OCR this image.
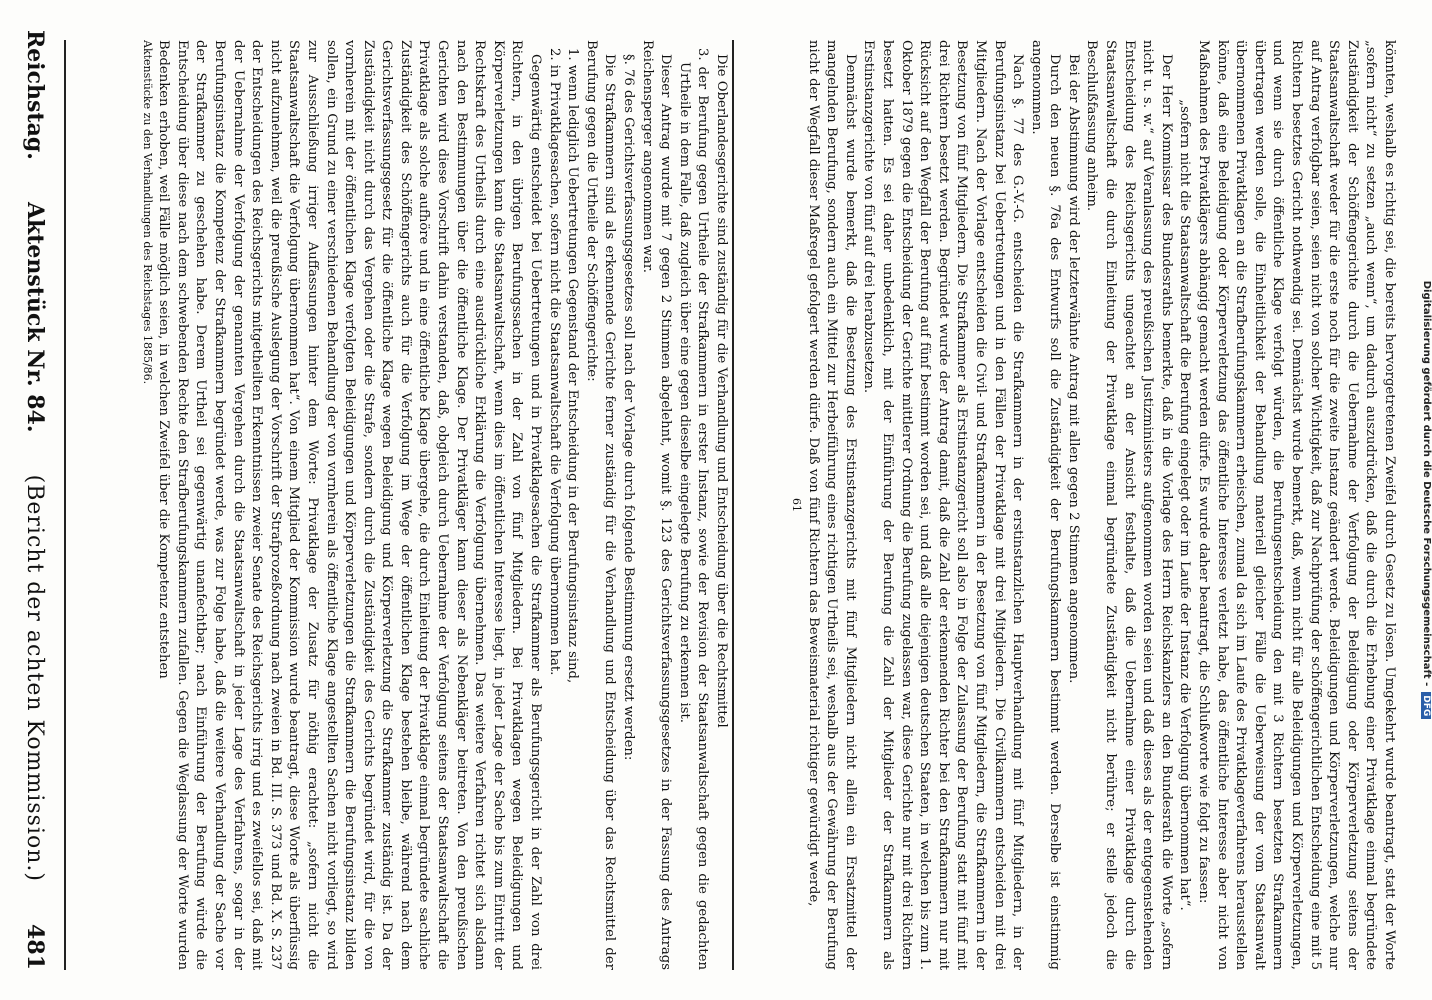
Reichstag.
Aktenstück Nr. 84.
(Bericht der achten Kommission.)
481

Die Oberlandesgerichte sind zuständig für die Verhandlung und Entscheidung über die Rechtsmittel

3. der Berufung gegen Urtheile der Strafkammern in erster Instanz, sowie der Revision der Staatsanwaltschaft gegen die gedachten Urtheile in dem Falle, daß zugleich über eine gegen dieselbe eingelegte Berufung zu erkennen ist.

Dieser Antrag wurde mit 7 gegen 2 Stimmen abgelehnt, womit §. 123 des Gerichtsverfassungsgesetzes in der Fassung des Antrags Reichensperger angenommen war.

§. 76 des Gerichtsverfassungsgesetzes soll nach der Vorlage durch folgende Bestimmung ersetzt werden:

Die Strafkammern sind als erkennende Gerichte ferner zuständig für die Verhandlung und Entscheidung über das Rechtsmittel der Berufung gegen die Urtheile der Schöffengerichte:

1. wenn lediglich Uebertretungen Gegenstand der Entscheidung in der Berufungsinstanz sind,

2. in Privatklagesachen, sofern nicht die Staatsanwaltschaft die Verfolgung übernommen hat.

Gegenwärtig entscheidet bei Uebertretungen und in Privatklagesachen die Strafkammer als Berufungsgericht in der Zahl von drei Richtern, in den übrigen Berufungssachen in der Zahl von fünf Mitgliedern. Bei Privatklagen wegen Beleidigungen und Körperverletzungen kann die Staatsanwaltschaft, wenn dies im öffentlichen Interesse liegt, in jeder Lage der Sache bis zum Eintritt der Rechtskraft des Urtheils durch eine ausdrückliche Erklärung die Verfolgung übernehmen. Das weitere Verfahren richtet sich alsdann nach den Bestimmungen über die öffentliche Klage. Der Privatkläger kann dieser als Nebenkläger beitreten. Von den preußischen Gerichten wird diese Vorschrift dahin verstanden, daß, obgleich durch Uebernahme der Verfolgung seitens der Staatsanwaltschaft die Privatklage als solche aufhöre und in eine öffentliche Klage übergehe, die durch Einleitung der Privatklage einmal begründete sachliche Zuständigkeit des Schöffengerichts auch für die Verfolgung im Wege der öffentlichen Klage bestehen bleibe, während nach dem Gerichtsverfassungsgesetz für die öffentliche Klage wegen Beleidigung und Körperverletzung die Strafkammer zuständig ist. Da der Zuständigkeit nicht durch das Vergehen oder die Strafe, sondern durch die Zuständigkeit des Gerichts begründet wird, für die von vornherein mit der öffentlichen Klage verfolgten Beleidigungen und Körperverletzungen die Strafkammern die Berufungsinstanz bilden sollen, ein Grund zu einer verschiedenen Behandlung der von vornherein als öffentliche Klage angestellten Sachen nicht vorliegt, so wird zur Ausschließung irriger Auffassungen hinter dem Worte: Privatklage der Zusatz für nöthig erachtet: „sofern nicht die Staatsanwaltschaft die Verfolgung übernommen hat“. Von einem Mitglied der Kommission wurde beantragt, diese Worte als überflüssig nicht aufzunehmen, weil die preußische Auslegung der Vorschrift der Strafprozeßordnung nach zweien in Bd. III. S. 373 und Bd. X. S. 237 der Entscheidungen des Reichsgerichts mitgetheilten Erkenntnissen zweier Senate des Reichsgerichts irrig und es zweifellos sei, daß mit der Uebernahme der Verfolgung der genannten Vergehen durch die Staatsanwaltschaft in jeder Lage des Verfahrens, sogar in der Berufungsinstanz die Kompetenz der Strafkammern begründet werde, was zur Folge habe, daß die weitere Verhandlung der Sache vor der Strafkammer zu geschehen habe. Derem Urtheil sei gegenwärtig unanfechtbar; nach Einführung der Berufung würde die Entscheidung über diese nach dem schwebenden Rechte den Strafberufungskammern zufallen. Gegen die Weglassung der Worte wurden Bedenken erhoben, weil Fälle möglich seien, in welchen Zweifel über die Kompetenz entstehen

Aktenstücke zu den Verhandlungen des Reichstages 1885/86.	könnten, weshalb es richtig sei, die bereits hervorgetretenen Zweifel durch Gesetz zu lösen. Umgekehrt wurde beantragt, statt der Worte „sofern nicht“ zu setzen „auch wenn“, um dadurch auszudrücken, daß die durch die Erhebung einer Privatklage einmal begründete Zuständigkeit der Schöffengerichte durch die Uebernahme der Verfolgung der Beleidigung oder Körperverletzung seitens der Staatsanwaltschaft weder für die erste noch für die zweite Instanz geändert werde. Beleidigungen und Körperverletzungen, welche nur auf Antrag verfolgbar seien, seien nicht von solcher Wichtigkeit, daß zur Nachprüfung der schöffengerichtlichen Entscheidung eine mit 5 Richtern besetztes Gericht nothwendig sei. Demnächst wurde bemerkt, daß, wenn nicht für alle Beleidigungen und Körperverletzungen, und wenn sie durch öffentliche Klage verfolgt würden, die Berufungsentscheidung den mit 3 Richtern besetzten Strafkammern übertragen werden solle, die Einheitlichkeit der Behandlung materiell gleicher Fälle die Ueberweisung der vom Staatsanwalt übernommenen Privatklagen an die Strafberufungskammern erheischen, zumal da sich im Laufe des Privatklageverfahrens herausstellen könne, daß eine Beleidigung oder Körperverletzung das öffentliche Interesse verletzt habe, das öffentliche Interesse aber nicht von Maßnahmen des Privatklägers abhängig gemacht werden dürfe. Es wurde daher beantragt, die Schlußworte wie folgt zu fassen:

„sofern nicht die Staatsanwaltschaft die Berufung eingelegt oder im Laufe der Instanz die Verfolgung übernommen hat“.

Der Herr Kommissar des Bundesraths bemerkte, daß in die Vorlage des Herrn Reichskanzlers an den Bundesrath die Worte „sofern nicht u. s. w.“ auf Veranlassung des preußischen Justizministers aufgenommen worden seien und daß dieses als der entgegenstehenden Entscheidung des Reichsgerichts ungeachtet an der Ansicht festhalte, daß die Uebernahme einer Privatklage durch die Staatsanwaltschaft die durch Einleitung der Privatklage einmal begründete Zuständigkeit nicht berühre; er stelle jedoch die Beschlußfassung anheim.

Bei der Abstimmung wird der letzterwähnte Antrag mit allen gegen 2 Stimmen angenommen.

Durch den neuen §. 76a des Entwurfs soll die Zuständigkeit der Berufungskammern bestimmt werden. Derselbe ist einstimmig angenommen.

Nach §. 77 des G.-V.-G. entscheiden die Strafkammern in der erstinstanzlichen Hauptverhandlung mit fünf Mitgliedern, in der Berufungsinstanz bei Uebertretungen und in den Fällen der Privatklage mit drei Mitgliedern. Die Civilkammern entscheiden mit drei Mitgliedern. Nach der Vorlage entscheiden die Civil- und Strafkammern in der Besetzung von fünf Mitgliedern, die Strafkammern in der Besetzung von fünf Mitgliedern. Die Strafkammer als Erstinstanzgericht soll also in Folge der Zulassung der Berufung statt mit fünf mit drei Richtern besetzt werden. Begründet wurde der Antrag damit, daß die Zahl der erkennenden Richter bei den Strafkammern nur mit Rücksicht auf den Wegfall der Berufung auf fünf bestimmt worden sei, und daß alle diejenigen deutschen Staaten, in welchen bis zum 1. Oktober 1879 gegen die Entscheidung der Gerichte mittlerer Ordnung die Berufung zugelassen war, diese Gerichte nur mit drei Richtern besetzt hatten. Es sei daher unbedenklich, mit der Einführung der Berufung die Zahl der Mitglieder der Strafkammern als Erstinstanzgerichte von fünf auf drei herabzusetzen.

Demnächst wurde bemerkt, daß die Besetzung des Erstinstanzgerichts mit fünf Mitgliedern nicht allein ein Ersatzmittel der mangelnden Berufung, sondern auch ein Mittel zur Herbeiführung eines richtigen Urtheils sei, weshalb aus der Gewährung der Berufung nicht der Wegfall dieser Maßregel gefolgert werden dürfe. Daß von fünf Richtern das Beweismaterial richtiger gewürdigt werde,

61	Digitalisierung gefördert durch die Deutsche Forschungsgemeinschaft -DFG
